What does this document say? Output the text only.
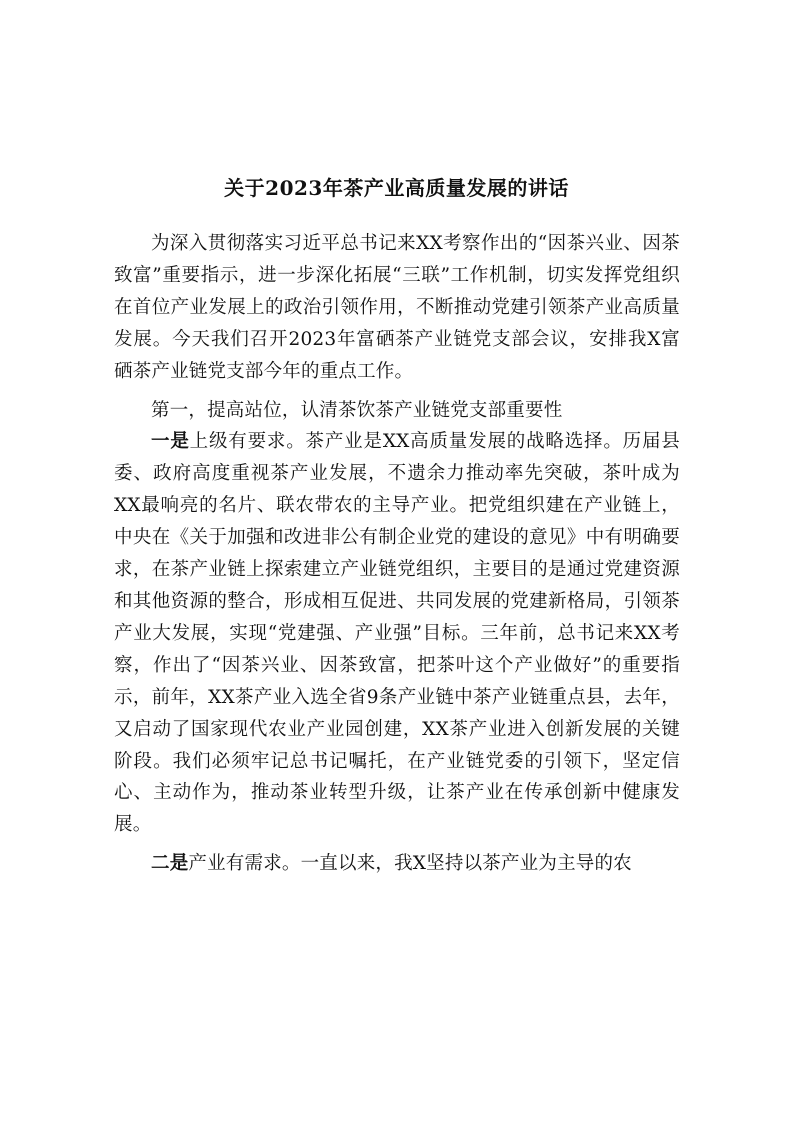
关于2023年茶产业高质量发展的讲话

为深入贯彻落实习近平总书记来XX考察作出的“因茶兴业、因茶致富”重要指示，进一步深化拓展“三联”工作机制，切实发挥党组织在首位产业发展上的政治引领作用，不断推动党建引领茶产业高质量发展。今天我们召开2023年富硒茶产业链党支部会议，安排我X富硒茶产业链党支部今年的重点工作。

第一，提高站位，认清茶饮茶产业链党支部重要性

一是上级有要求。茶产业是XX高质量发展的战略选择。历届县委、政府高度重视茶产业发展，不遗余力推动率先突破，茶叶成为XX最响亮的名片、联农带农的主导产业。把党组织建在产业链上，中央在《关于加强和改进非公有制企业党的建设的意见》中有明确要求，在茶产业链上探索建立产业链党组织，主要目的是通过党建资源和其他资源的整合，形成相互促进、共同发展的党建新格局，引领茶产业大发展，实现“党建强、产业强”目标。三年前，总书记来XX考察，作出了“因茶兴业、因茶致富，把茶叶这个产业做好”的重要指示，前年，XX茶产业入选全省9条产业链中茶产业链重点县，去年，又启动了国家现代农业产业园创建，XX茶产业进入创新发展的关键阶段。我们必须牢记总书记嘱托，在产业链党委的引领下，坚定信心、主动作为，推动茶业转型升级，让茶产业在传承创新中健康发展。

二是产业有需求。一直以来，我X坚持以茶产业为主导的农
